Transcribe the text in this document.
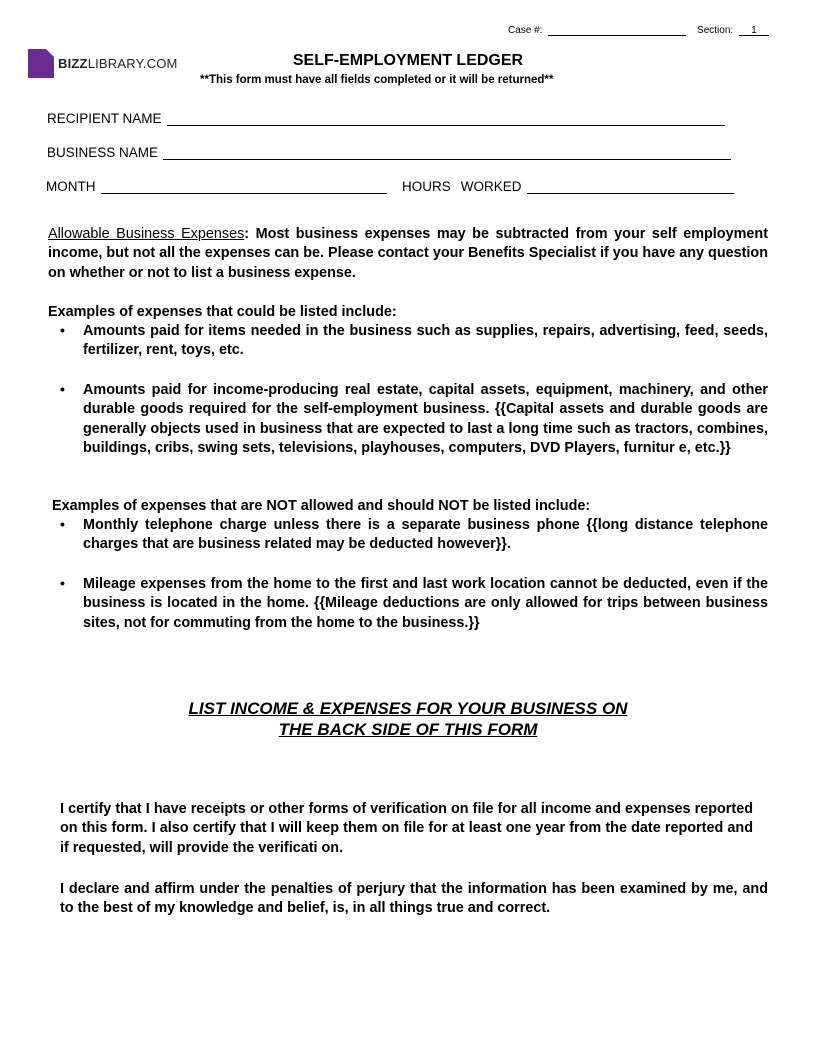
Case #:	Section: 1
BIZZLIBRARY.COM	SELF-EMPLOYMENT LEDGER
**This form must have all fields completed or it will be returned**
RECIPIENT NAME
BUSINESS NAME
MONTH	HOURS WORKED
Allowable Business Expenses: Most business expenses may be subtracted from your self employment income, but not all the expenses can be. Please contact your Benefits Specialist if you have any question on whether or not to list a business expense.
Examples of expenses that could be listed include:
• Amounts paid for items needed in the business such as supplies, repairs, advertising, feed, seeds, fertilizer, rent, toys, etc.
• Amounts paid for income-producing real estate, capital assets, equipment, machinery, and other durable goods required for the self-employment business. {{Capital assets and durable goods are generally objects used in business that are expected to last a long time such as tractors, combines, buildings, cribs, swing sets, televisions, playhouses, computers, DVD Players, furnitur e, etc.}}
Examples of expenses that are NOT allowed and should NOT be listed include:
• Monthly telephone charge unless there is a separate business phone {{long distance telephone charges that are business related may be deducted however}}.
• Mileage expenses from the home to the first and last work location cannot be deducted, even if the business is located in the home. {{Mileage deductions are only allowed for trips between business sites, not for commuting from the home to the business.}}
LIST INCOME & EXPENSES FOR YOUR BUSINESS ON
THE BACK SIDE OF THIS FORM
I certify that I have receipts or other forms of verification on file for all income and expenses reported on this form. I also certify that I will keep them on file for at least one year from the date reported and if requested, will provide the verificati on.
I declare and affirm under the penalties of perjury that the information has been examined by me, and to the best of my knowledge and belief, is, in all things true and correct.
